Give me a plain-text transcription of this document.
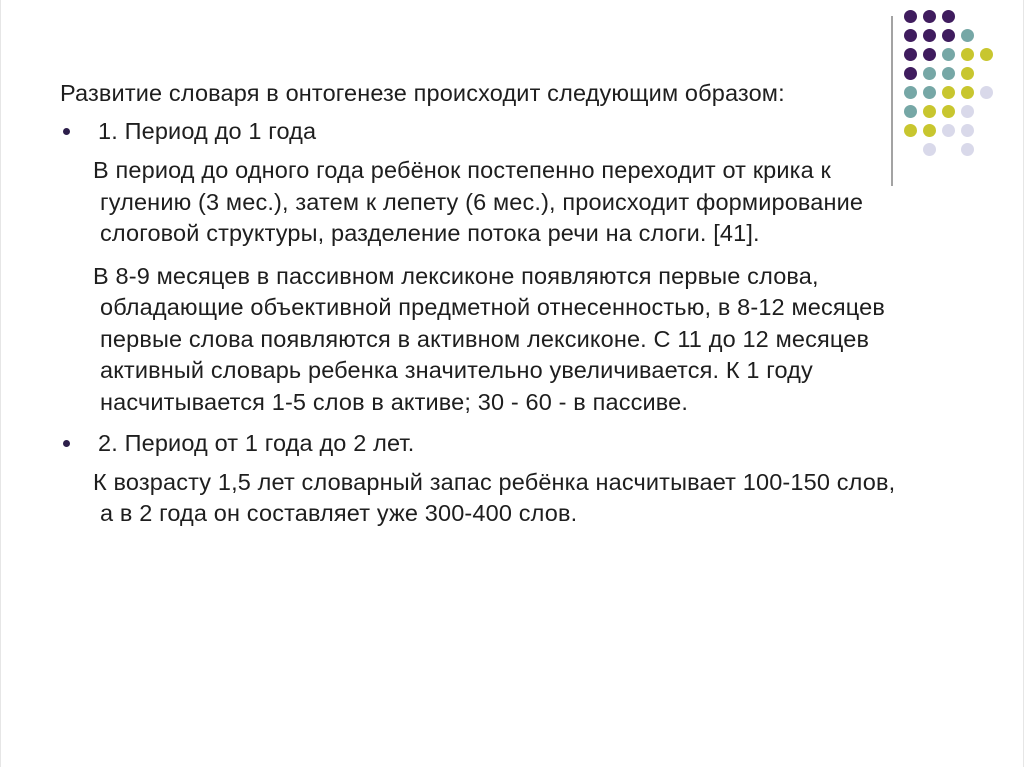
Развитие словаря в онтогенезе происходит следующим образом:

1. Период до 1 года

В период до одного года ребёнок постепенно переходит от крика к гулению (3 мес.), затем к лепету (6 мес.), происходит формирование слоговой структуры, разделение потока речи на слоги. [41].

В 8-9 месяцев в пассивном лексиконе появляются первые слова, обладающие объективной предметной отнесенностью, в 8-12 месяцев первые слова появляются в активном лексиконе. С 11 до 12 месяцев активный словарь ребенка значительно увеличивается. К 1 году насчитывается 1-5 слов в активе; 30 - 60 - в пассиве.

2. Период от 1 года до 2 лет.

К возрасту 1,5 лет словарный запас ребёнка насчитывает 100-150 слов, а в 2 года он составляет уже 300-400 слов.
